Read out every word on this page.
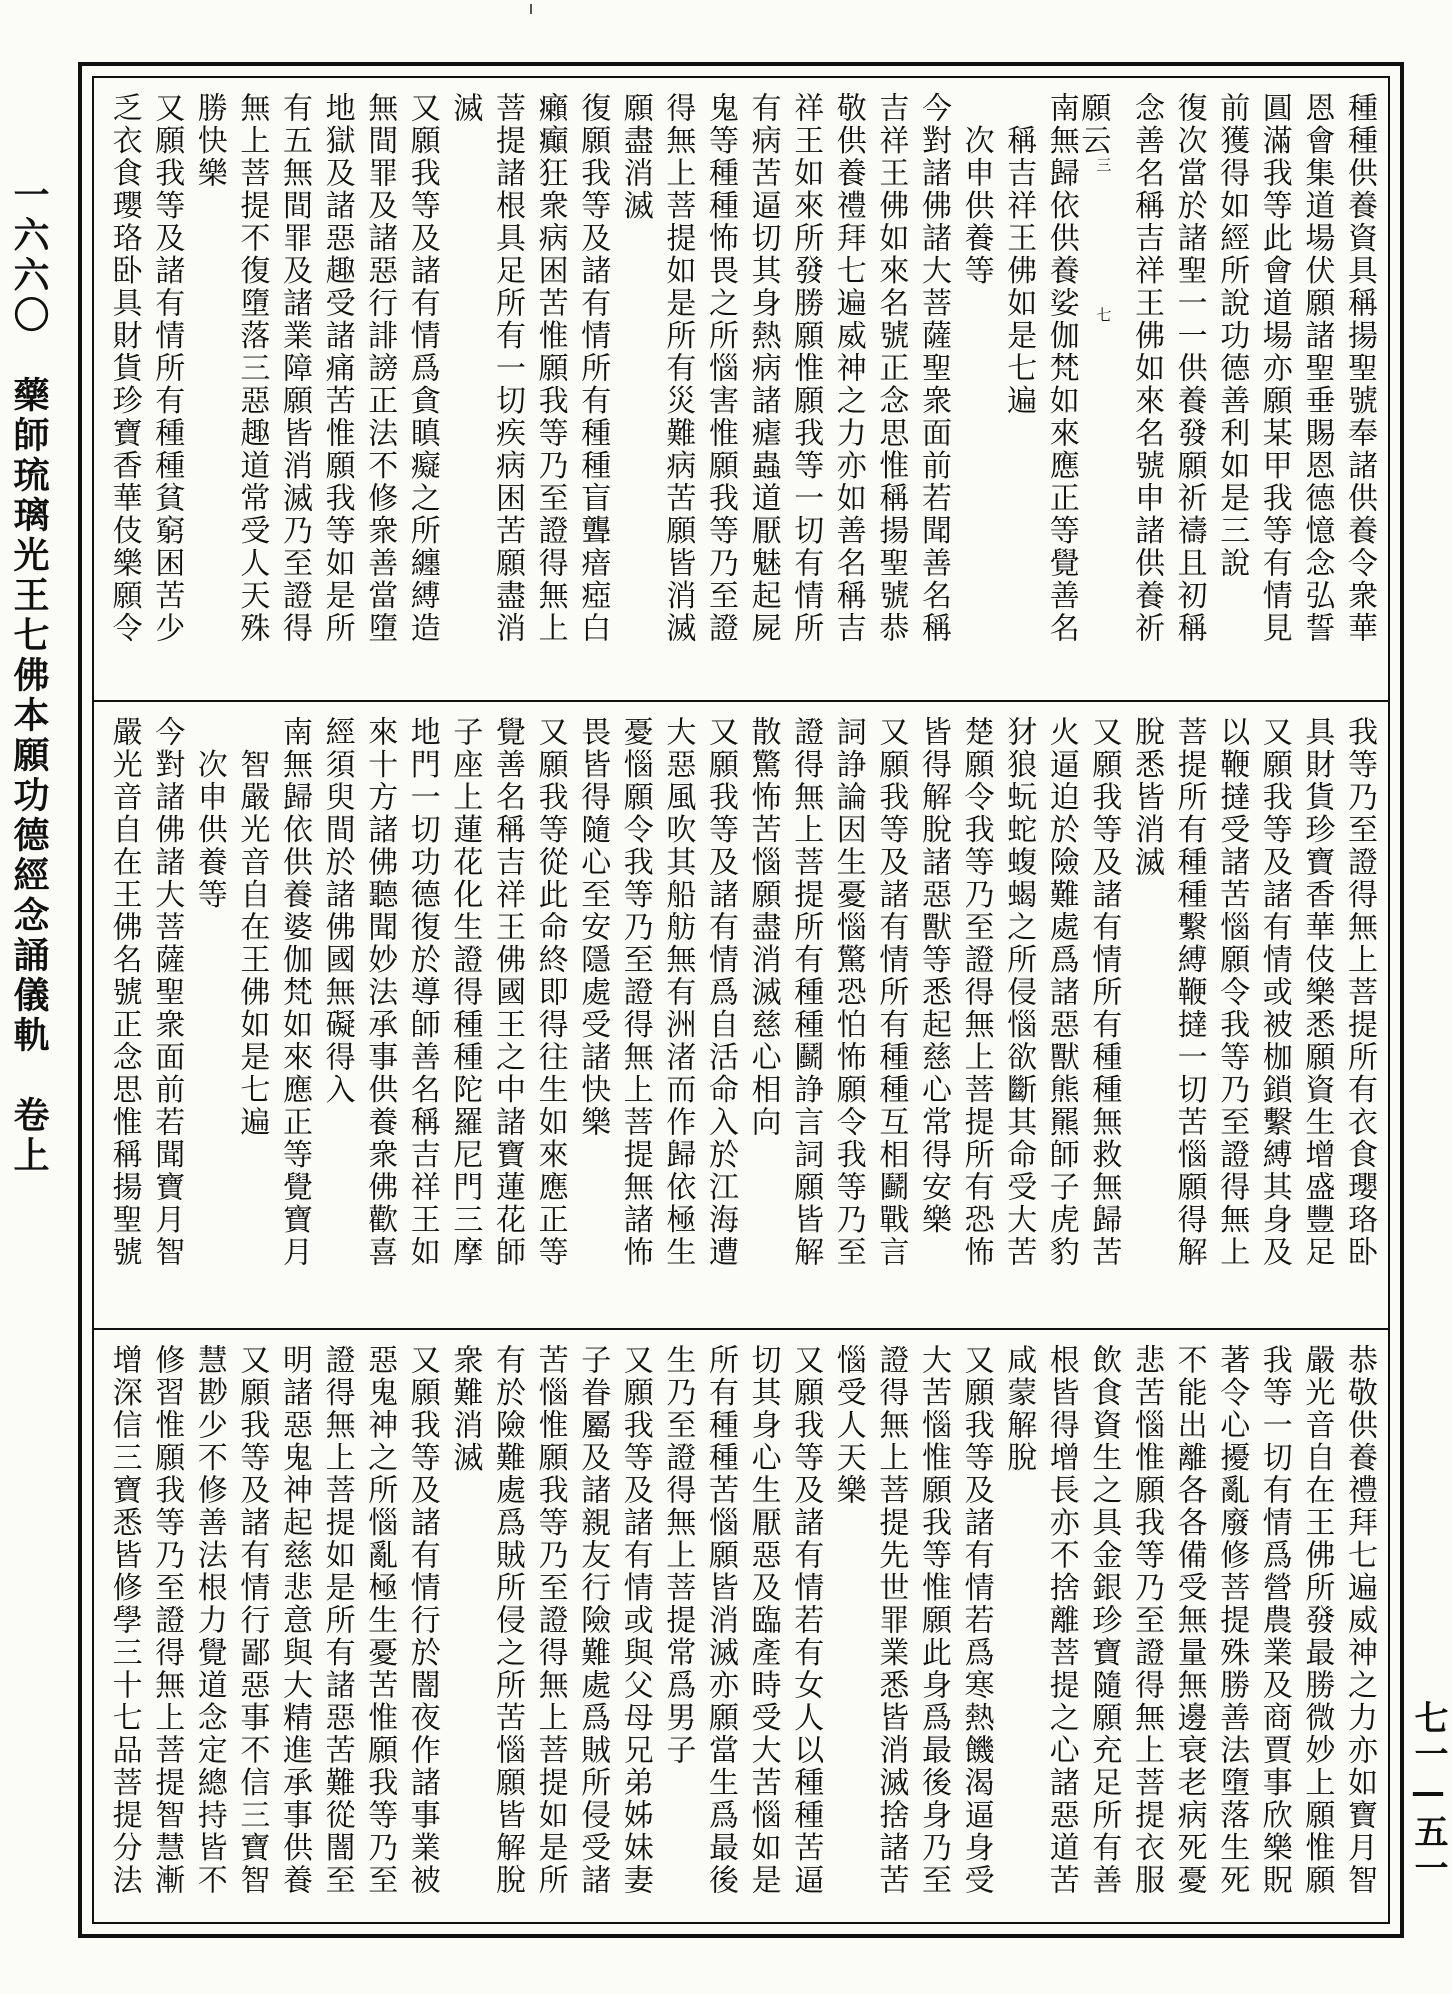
一六六〇　藥師琉璃光王七佛本願功德經念誦儀軌　卷上
七一—五一
種種供養資具稱揚聖號奉諸供養令衆華
恩會集道場伏願諸聖垂賜恩德憶念弘誓
圓滿我等此會道場亦願某甲我等有情見
前獲得如經所說功德善利如是三說
復次當於諸聖一一供養發願祈禱且初稱
念善名稱吉祥王佛如來名號申諸供養祈
願云$^{三 七}$
南無歸依供養娑伽梵如來應正等覺善名
　稱吉祥王佛如是七遍
　次申供養等
今對諸佛諸大菩薩聖衆面前若聞善名稱
吉祥王佛如來名號正念思惟稱揚聖號恭
敬供養禮拜七遍威神之力亦如善名稱吉
祥王如來所發勝願惟願我等一切有情所
有病苦逼切其身熱病諸瘧蟲道厭魅起屍
鬼等種種怖畏之所惱害惟願我等乃至證
得無上菩提如是所有災難病苦願皆消滅
願盡消滅
復願我等及諸有情所有種種盲聾瘖瘂白
癩癲狂衆病困苦惟願我等乃至證得無上
菩提諸根具足所有一切疾病困苦願盡消
滅
又願我等及諸有情爲貪瞋癡之所纏縛造
無間罪及諸惡行誹謗正法不修衆善當墮
地獄及諸惡趣受諸痛苦惟願我等如是所
有五無間罪及諸業障願皆消滅乃至證得
無上菩提不復墮落三惡趣道常受人天殊
勝快樂
又願我等及諸有情所有種種貧窮困苦少
乏衣食瓔珞卧具財貨珍寶香華伎樂願令
我等乃至證得無上菩提所有衣食瓔珞卧
具財貨珍寶香華伎樂悉願資生增盛豐足
又願我等及諸有情或被枷鎖繫縛其身及
以鞭撻受諸苦惱願令我等乃至證得無上
菩提所有種種繫縛鞭撻一切苦惱願得解
脫悉皆消滅
又願我等及諸有情所有種種無救無歸苦
火逼迫於險難處爲諸惡獸熊羆師子虎豹
犲狼蚖蛇蝮蝎之所侵惱欲斷其命受大苦
楚願令我等乃至證得無上菩提所有恐怖
皆得解脫諸惡獸等悉起慈心常得安樂
又願我等及諸有情所有種種互相鬬戰言
詞諍論因生憂惱驚恐怕怖願令我等乃至
證得無上菩提所有種種鬬諍言詞願皆解
散驚怖苦惱願盡消滅慈心相向
又願我等及諸有情爲自活命入於江海遭
大惡風吹其船舫無有洲渚而作歸依極生
憂惱願令我等乃至證得無上菩提無諸怖
畏皆得隨心至安隱處受諸快樂
又願我等從此命終即得往生如來應正等
覺善名稱吉祥王佛國王之中諸寶蓮花師
子座上蓮花化生證得種種陀羅尼門三摩
地門一切功德復於導師善名稱吉祥王如
來十方諸佛聽聞妙法承事供養衆佛歡喜
經須臾間於諸佛國無礙得入
南無歸依供養婆伽梵如來應正等覺寶月
　智嚴光音自在王佛如是七遍
　次申供養等
今對諸佛諸大菩薩聖衆面前若聞寶月智
嚴光音自在王佛名號正念思惟稱揚聖號
恭敬供養禮拜七遍威神之力亦如寶月智
嚴光音自在王佛所發最勝微妙上願惟願
我等一切有情爲營農業及商賈事欣樂貺
著令心擾亂廢修菩提殊勝善法墮落生死
不能出離各各備受無量無邊衰老病死憂
悲苦惱惟願我等乃至證得無上菩提衣服
飲食資生之具金銀珍寶隨願充足所有善
根皆得增長亦不捨離菩提之心諸惡道苦
咸蒙解脫
又願我等及諸有情若爲寒熱饑渴逼身受
大苦惱惟願我等惟願此身爲最後身乃至
證得無上菩提先世罪業悉皆消滅捨諸苦
惱受人天樂
又願我等及諸有情若有女人以種種苦逼
切其身心生厭惡及臨產時受大苦惱如是
所有種種苦惱願皆消滅亦願當生爲最後
生乃至證得無上菩提常爲男子
又願我等及諸有情或與父母兄弟姊妹妻
子眷屬及諸親友行險難處爲賊所侵受諸
苦惱惟願我等乃至證得無上菩提如是所
有於險難處爲賊所侵之所苦惱願皆解脫
衆難消滅
又願我等及諸有情行於闇夜作諸事業被
惡鬼神之所惱亂極生憂苦惟願我等乃至
證得無上菩提如是所有諸惡苦難從闇至
明諸惡鬼神起慈悲意與大精進承事供養
又願我等及諸有情行鄙惡事不信三寶智
慧尠少不修善法根力覺道念定總持皆不
修習惟願我等乃至證得無上菩提智慧漸
增深信三寶悉皆修學三十七品菩提分法
